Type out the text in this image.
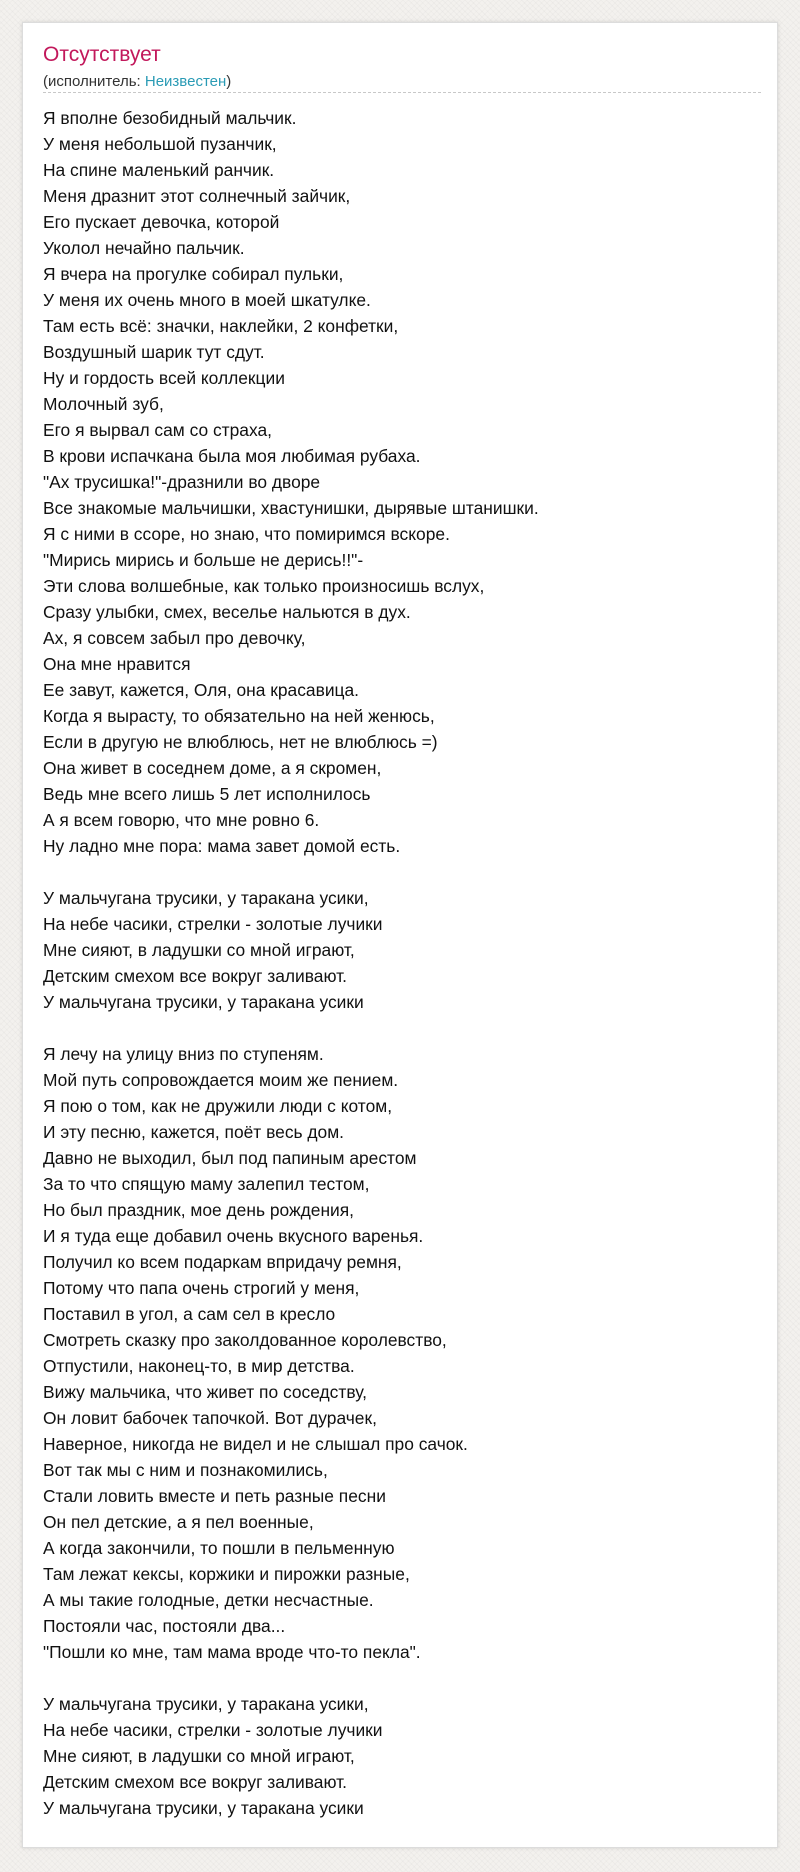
Отсутствует
(исполнитель: Неизвестен)
Я вполне безобидный мальчик.
У меня небольшой пузанчик,
На спине маленький ранчик.
Меня дразнит этот солнечный зайчик,
Его пускает девочка, которой
Уколол нечайно пальчик.
Я вчера на прогулке собирал пульки,
У меня их очень много в моей шкатулке.
Там есть всё: значки, наклейки, 2 конфетки,
Воздушный шарик тут сдут.
Ну и гордость всей коллекции
Молочный зуб,
Его я вырвал сам со страха,
В крови испачкана была моя любимая рубаха.
"Ах трусишка!"-дразнили во дворе
Все знакомые мальчишки, хвастунишки, дырявые штанишки.
Я с ними в ссоре, но знаю, что помиримся вскоре.
"Мирись мирись и больше не дерись!!"-
Эти слова волшебные, как только произносишь вслух,
Сразу улыбки, смех, веселье нальются в дух.
Ах, я совсем забыл про девочку,
Она мне нравится
Ее завут, кажется, Оля, она красавица.
Когда я вырасту, то обязательно на ней женюсь,
Если в другую не влюблюсь, нет не влюблюсь =)
Она живет в соседнем доме, а я скромен,
Ведь мне всего лишь 5 лет исполнилось
А я всем говорю, что мне ровно 6.
Ну ладно мне пора: мама завет домой есть.
У мальчугана трусики, у таракана усики,
На небе часики, стрелки - золотые лучики
Мне сияют, в ладушки со мной играют,
Детским смехом все вокруг заливают.
У мальчугана трусики, у таракана усики
Я лечу на улицу вниз по ступеням.
Мой путь сопровождается моим же пением.
Я пою о том, как не дружили люди с котом,
И эту песню, кажется, поёт весь дом.
Давно не выходил, был под папиным арестом
За то что спящую маму залепил тестом,
Но был праздник, мое день рождения,
И я туда еще добавил очень вкусного варенья.
Получил ко всем подаркам впридачу ремня,
Потому что папа очень строгий у меня,
Поставил в угол, а сам сел в кресло
Смотреть сказку про заколдованное королевство,
Отпустили, наконец-то, в мир детства.
Вижу мальчика, что живет по соседству,
Он ловит бабочек тапочкой. Вот дурачек,
Наверное, никогда не видел и не слышал про сачок.
Вот так мы с ним и познакомились,
Стали ловить вместе и петь разные песни
Он пел детские, а я пел военные,
А когда закончили, то пошли в пельменную
Там лежат кексы, коржики и пирожки разные,
А мы такие голодные, детки несчастные.
Постояли час, постояли два...
"Пошли ко мне, там мама вроде что-то пекла".
У мальчугана трусики, у таракана усики,
На небе часики, стрелки - золотые лучики
Мне сияют, в ладушки со мной играют,
Детским смехом все вокруг заливают.
У мальчугана трусики, у таракана усики
